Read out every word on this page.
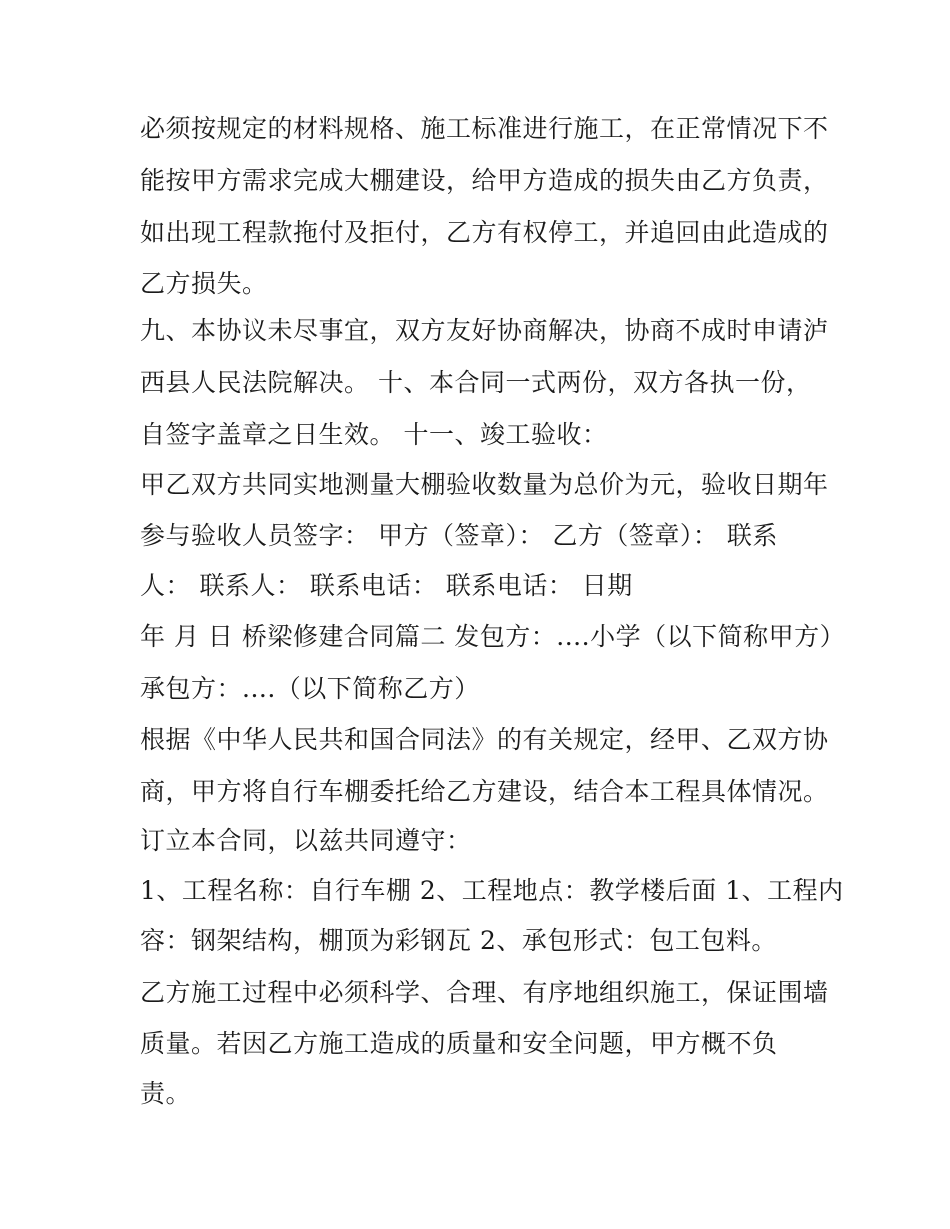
必须按规定的材料规格、施工标准进行施工，在正常情况下不
能按甲方需求完成大棚建设，给甲方造成的损失由乙方负责，
如出现工程款拖付及拒付，乙方有权停工，并追回由此造成的
乙方损失。
九、本协议未尽事宜，双方友好协商解决，协商不成时申请泸
西县人民法院解决。 十、本合同一式两份，双方各执一份，
自签字盖章之日生效。 十一、竣工验收：
甲乙双方共同实地测量大棚验收数量为总价为元，验收日期年
参与验收人员签字： 甲方（签章）： 乙方（签章）： 联系
人： 联系人： 联系电话： 联系电话： 日期
年 月 日 桥梁修建合同篇二 发包方：....小学（以下简称甲方）
承包方：....（以下简称乙方）
根据《中华人民共和国合同法》的有关规定，经甲、乙双方协
商，甲方将自行车棚委托给乙方建设，结合本工程具体情况。
订立本合同，以兹共同遵守：
1、工程名称：自行车棚 2、工程地点：教学楼后面 1、工程内
容：钢架结构，棚顶为彩钢瓦 2、承包形式：包工包料。
乙方施工过程中必须科学、合理、有序地组织施工，保证围墙
质量。若因乙方施工造成的质量和安全问题，甲方概不负
责。
